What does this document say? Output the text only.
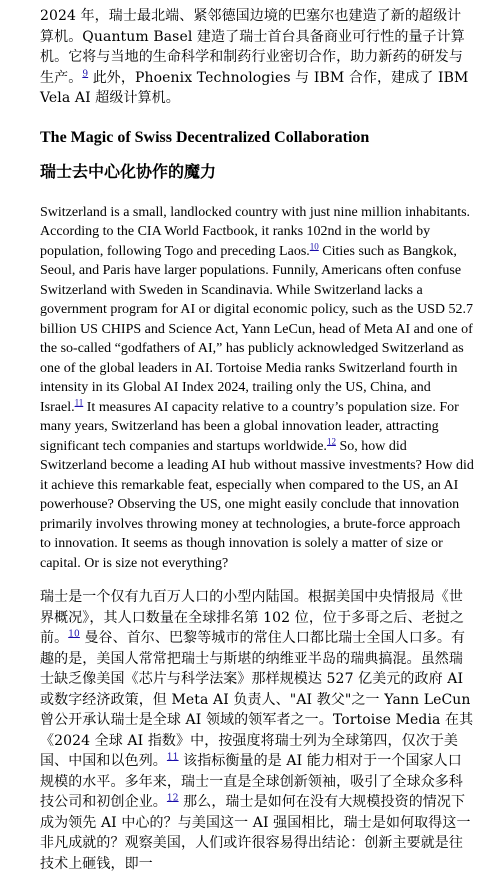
2024 年，瑞士最北端、紧邻德国边境的巴塞尔也建造了新的超级计算机。Quantum Basel 建造了瑞士首台具备商业可行性的量子计算机。它将与当地的生命科学和制药行业密切合作，助力新药的研发与生产。$^9$ 此外，Phoenix Technologies 与 IBM 合作，建成了 IBM Vela AI 超级计算机。

The Magic of Swiss Decentralized Collaboration
瑞士去中心化协作的魔力

Switzerland is a small, landlocked country with just nine million inhabitants. According to the CIA World Factbook, it ranks 102nd in the world by population, following Togo and preceding Laos.$^{10}$ Cities such as Bangkok, Seoul, and Paris have larger populations. Funnily, Americans often confuse Switzerland with Sweden in Scandinavia. While Switzerland lacks a government program for AI or digital economic policy, such as the USD 52.7 billion US CHIPS and Science Act, Yann LeCun, head of Meta AI and one of the so-called “godfathers of AI,” has publicly acknowledged Switzerland as one of the global leaders in AI. Tortoise Media ranks Switzerland fourth in intensity in its Global AI Index 2024, trailing only the US, China, and Israel.$^{11}$ It measures AI capacity relative to a country’s population size. For many years, Switzerland has been a global innovation leader, attracting significant tech companies and startups worldwide.$^{12}$ So, how did Switzerland become a leading AI hub without massive investments? How did it achieve this remarkable feat, especially when compared to the US, an AI powerhouse? Observing the US, one might easily conclude that innovation primarily involves throwing money at technologies, a brute-force approach to innovation. It seems as though innovation is solely a matter of size or capital. Or is size not everything?

瑞士是一个仅有九百万人口的小型内陆国。根据美国中央情报局《世界概况》，其人口数量在全球排名第 102 位，位于多哥之后、老挝之前。$^{10}$ 曼谷、首尔、巴黎等城市的常住人口都比瑞士全国人口多。有趣的是，美国人常常把瑞士与斯堪的纳维亚半岛的瑞典搞混。虽然瑞士缺乏像美国《芯片与科学法案》那样规模达 527 亿美元的政府 AI 或数字经济政策，但 Meta AI 负责人、"AI 教父"之一 Yann LeCun 曾公开承认瑞士是全球 AI 领域的领军者之一。Tortoise Media 在其《2024 全球 AI 指数》中，按强度将瑞士列为全球第四，仅次于美国、中国和以色列。$^{11}$ 该指标衡量的是 AI 能力相对于一个国家人口规模的水平。多年来，瑞士一直是全球创新领袖，吸引了全球众多科技公司和初创企业。$^{12}$ 那么，瑞士是如何在没有大规模投资的情况下成为领先 AI 中心的？与美国这一 AI 强国相比，瑞士是如何取得这一非凡成就的？观察美国，人们或许很容易得出结论：创新主要就是往技术上砸钱，即一
